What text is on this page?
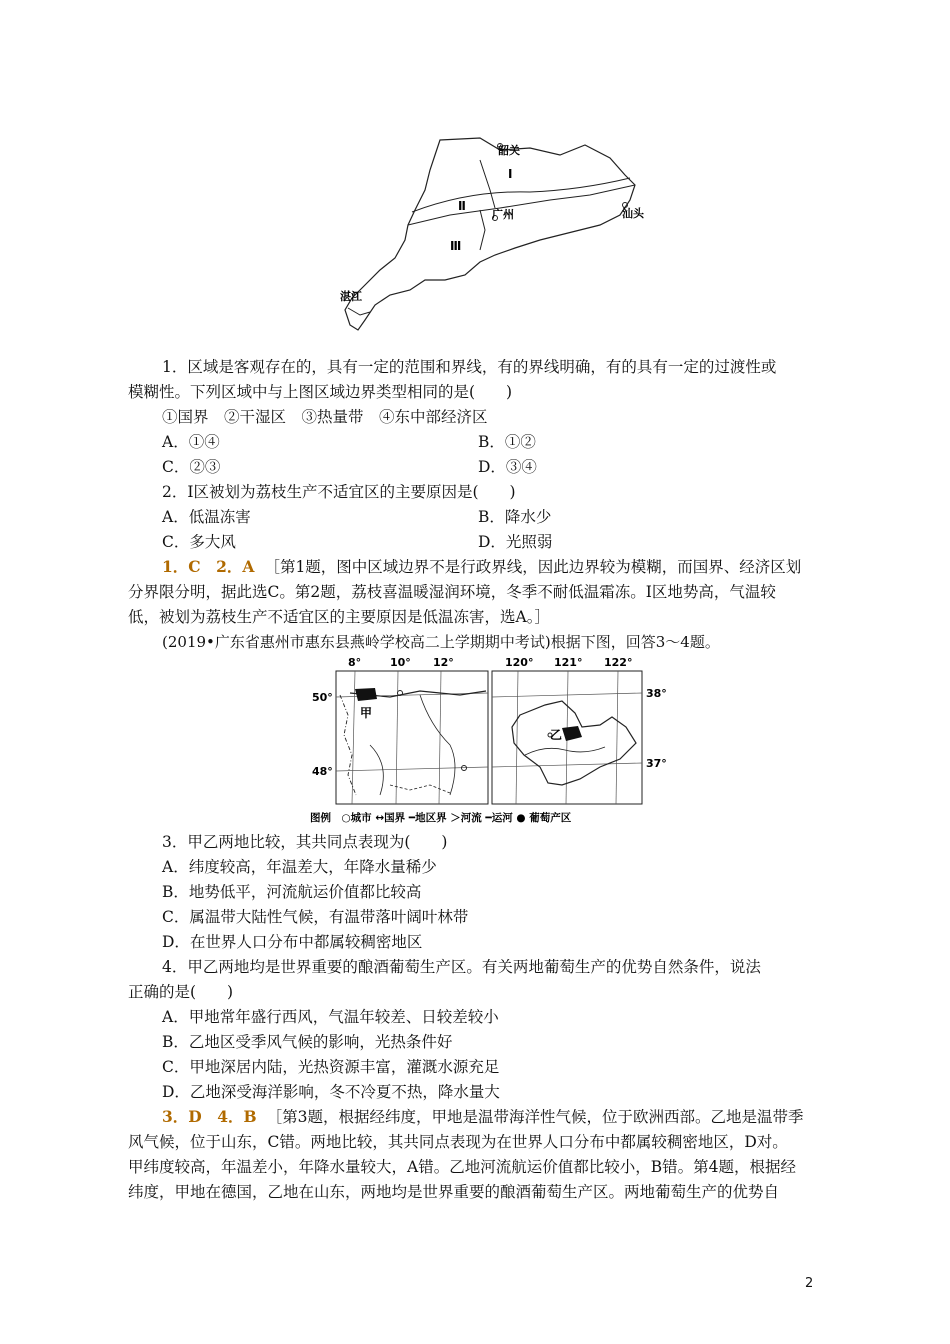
韶关
Ⅰ
Ⅱ
广州
Ⅲ
汕头
湛江
1．区域是客观存在的，具有一定的范围和界线，有的界线明确，有的具有一定的过渡性或
模糊性。下列区域中与上图区域边界类型相同的是(　　)
①国界　②干湿区　③热量带　④东中部经济区
A．①④	B．①②
C．②③	D．③④
2．Ⅰ区被划为荔枝生产不适宜区的主要原因是(　　)
A．低温冻害	B．降水少
C．多大风	D．光照弱
1．C　2．A ［第1题，图中区域边界不是行政界线，因此边界较为模糊，而国界、经济区划
分界限分明，据此选C。第2题，荔枝喜温暖湿润环境，冬季不耐低温霜冻。Ⅰ区地势高，气温较
低，被划为荔枝生产不适宜区的主要原因是低温冻害，选A。］
(2019•广东省惠州市惠东县燕岭学校高二上学期期中考试)根据下图，回答3～4题。
8°	10° 12°
50°
48°
甲
120° 121° 122°
38°
37°
乙
图例　○城市 ↔国界 ━地区界 ＞河流 ━运河 ● 葡萄产区
3．甲乙两地比较，其共同点表现为(　　)
A．纬度较高，年温差大，年降水量稀少
B．地势低平，河流航运价值都比较高
C．属温带大陆性气候，有温带落叶阔叶林带
D．在世界人口分布中都属较稠密地区
4．甲乙两地均是世界重要的酿酒葡萄生产区。有关两地葡萄生产的优势自然条件，说法
正确的是(　　)
A．甲地常年盛行西风，气温年较差、日较差较小
B．乙地区受季风气候的影响，光热条件好
C．甲地深居内陆，光热资源丰富，灌溉水源充足
D．乙地深受海洋影响，冬不冷夏不热，降水量大
3．D　4．B ［第3题，根据经纬度，甲地是温带海洋性气候，位于欧洲西部。乙地是温带季
风气候，位于山东，C错。两地比较，其共同点表现为在世界人口分布中都属较稠密地区，D对。
甲纬度较高，年温差小，年降水量较大，A错。乙地河流航运价值都比较小，B错。第4题，根据经
纬度，甲地在德国，乙地在山东，两地均是世界重要的酿酒葡萄生产区。两地葡萄生产的优势自
2
